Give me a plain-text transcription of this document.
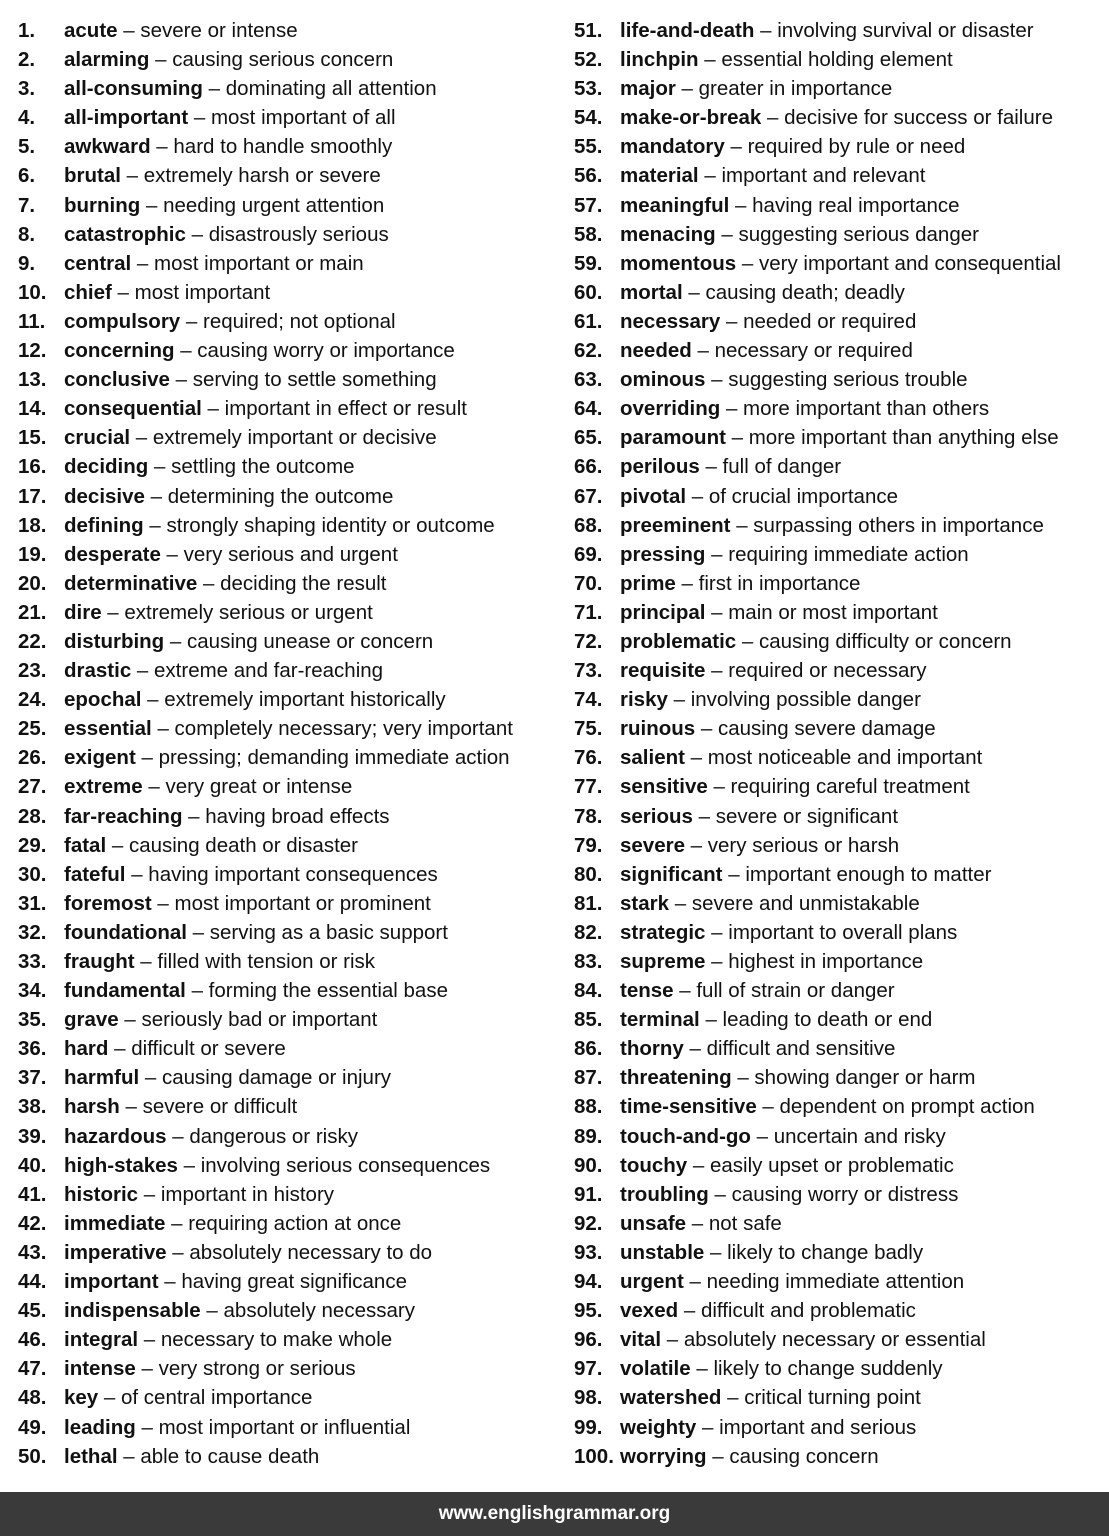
1. acute – severe or intense
2. alarming – causing serious concern
3. all-consuming – dominating all attention
4. all-important – most important of all
5. awkward – hard to handle smoothly
6. brutal – extremely harsh or severe
7. burning – needing urgent attention
8. catastrophic – disastrously serious
9. central – most important or main
10. chief – most important
11. compulsory – required; not optional
12. concerning – causing worry or importance
13. conclusive – serving to settle something
14. consequential – important in effect or result
15. crucial – extremely important or decisive
16. deciding – settling the outcome
17. decisive – determining the outcome
18. defining – strongly shaping identity or outcome
19. desperate – very serious and urgent
20. determinative – deciding the result
21. dire – extremely serious or urgent
22. disturbing – causing unease or concern
23. drastic – extreme and far-reaching
24. epochal – extremely important historically
25. essential – completely necessary; very important
26. exigent – pressing; demanding immediate action
27. extreme – very great or intense
28. far-reaching – having broad effects
29. fatal – causing death or disaster
30. fateful – having important consequences
31. foremost – most important or prominent
32. foundational – serving as a basic support
33. fraught – filled with tension or risk
34. fundamental – forming the essential base
35. grave – seriously bad or important
36. hard – difficult or severe
37. harmful – causing damage or injury
38. harsh – severe or difficult
39. hazardous – dangerous or risky
40. high-stakes – involving serious consequences
41. historic – important in history
42. immediate – requiring action at once
43. imperative – absolutely necessary to do
44. important – having great significance
45. indispensable – absolutely necessary
46. integral – necessary to make whole
47. intense – very strong or serious
48. key – of central importance
49. leading – most important or influential
50. lethal – able to cause death
51. life-and-death – involving survival or disaster
52. linchpin – essential holding element
53. major – greater in importance
54. make-or-break – decisive for success or failure
55. mandatory – required by rule or need
56. material – important and relevant
57. meaningful – having real importance
58. menacing – suggesting serious danger
59. momentous – very important and consequential
60. mortal – causing death; deadly
61. necessary – needed or required
62. needed – necessary or required
63. ominous – suggesting serious trouble
64. overriding – more important than others
65. paramount – more important than anything else
66. perilous – full of danger
67. pivotal – of crucial importance
68. preeminent – surpassing others in importance
69. pressing – requiring immediate action
70. prime – first in importance
71. principal – main or most important
72. problematic – causing difficulty or concern
73. requisite – required or necessary
74. risky – involving possible danger
75. ruinous – causing severe damage
76. salient – most noticeable and important
77. sensitive – requiring careful treatment
78. serious – severe or significant
79. severe – very serious or harsh
80. significant – important enough to matter
81. stark – severe and unmistakable
82. strategic – important to overall plans
83. supreme – highest in importance
84. tense – full of strain or danger
85. terminal – leading to death or end
86. thorny – difficult and sensitive
87. threatening – showing danger or harm
88. time-sensitive – dependent on prompt action
89. touch-and-go – uncertain and risky
90. touchy – easily upset or problematic
91. troubling – causing worry or distress
92. unsafe – not safe
93. unstable – likely to change badly
94. urgent – needing immediate attention
95. vexed – difficult and problematic
96. vital – absolutely necessary or essential
97. volatile – likely to change suddenly
98. watershed – critical turning point
99. weighty – important and serious
100. worrying – causing concern
www.englishgrammar.org
